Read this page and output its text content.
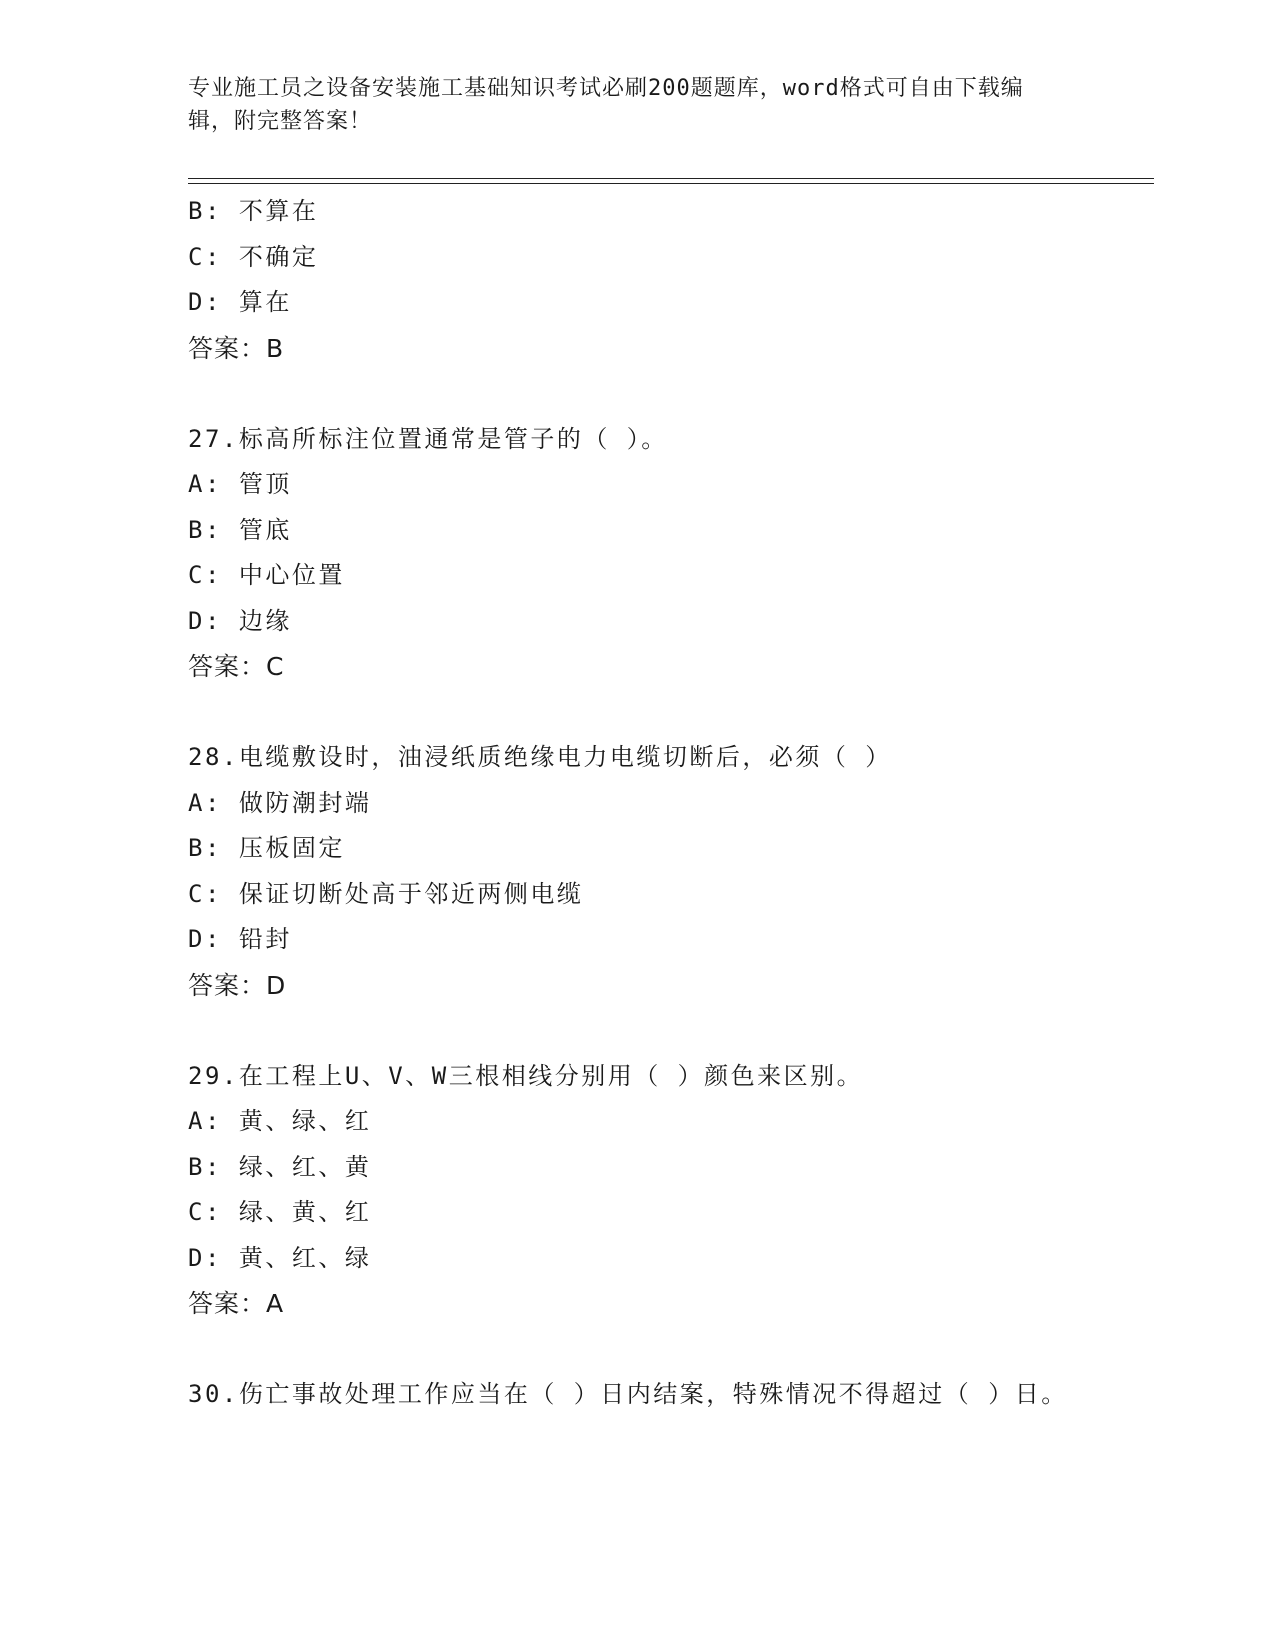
专业施工员之设备安装施工基础知识考试必刷200题题库，word格式可自由下载编辑，附完整答案！
B: 不算在
C: 不确定
D: 算在
答案：B
27.标高所标注位置通常是管子的（ ）。
A: 管顶
B: 管底
C: 中心位置
D: 边缘
答案：C
28.电缆敷设时，油浸纸质绝缘电力电缆切断后，必须（ ）
A: 做防潮封端
B: 压板固定
C: 保证切断处高于邻近两侧电缆
D: 铅封
答案：D
29.在工程上U、V、W三根相线分别用（ ）颜色来区别。
A: 黄、绿、红
B: 绿、红、黄
C: 绿、黄、红
D: 黄、红、绿
答案：A
30.伤亡事故处理工作应当在（ ）日内结案，特殊情况不得超过（ ）日。
